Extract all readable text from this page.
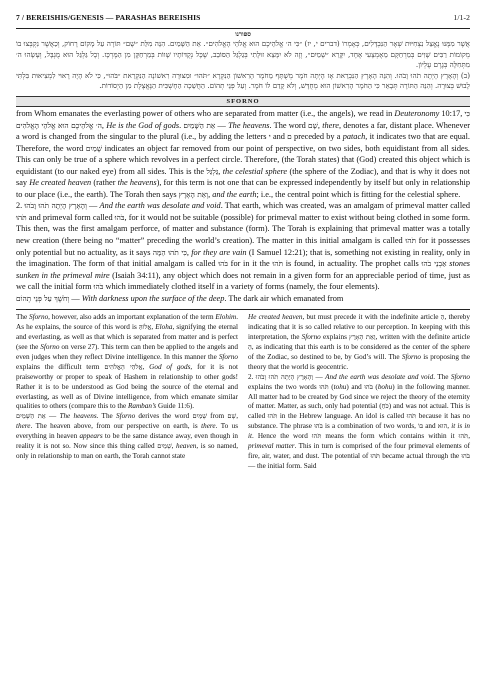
7 / BEREISHIS/GENESIS — PARASHAS BEREISHIS	1/1-2
ספורנו

אֲשֶׁר מִמֶּנּוּ נֶאֱצַל נִצְחִיּוּת שְׁאָר הַנִּבְדָּלִים, כְּאָמְרוֹ (דברים י, יז) ״כִּי ה׳ אֱלֹהֵיכֶם הוּא אֱלֹהֵי הָאֱלֹהִים״. אֵת הַשָּׁמַיִם. הִנֵּה מִלַּת ״שָׁם״ תּוֹרָה עַל מָקוֹם רָחוֹק, וְכַאֲשֶׁר נִקְבְּצוּ בוֹ מְקוֹמוֹת רַבִּים שָׁוִים בְּמַרְחַקָּם מֵאֶמְצָעִי אֶחָד, יִקָּרֵא ״שָׁמַיִם״, וְזֶה לֹא יִמָּצֵא זוּלָתִי בְּגַלְגַּל הַסּוֹבֵב, שֶׁכָּל נְקֻדּוֹתָיו שָׁווֹת בְּמַרְחַקָּן מִן הַמֶּרְכָּז. וְכָל גַּלְגַּל הוּא מֻגְבָּל, וְעָשָׂהוּ ה׳ מִתְּחִלָּה בְּגֶרֶם עֶלְיוֹן.

(ב) וְהָאָרֶץ הָיְתָה תֹהוּ וָבֹהוּ. וְהִנֵּה הָאָרֶץ הַנִּבְרֵאת אָז הָיְתָה חֹמֶר מְשֻׁתָּף מֵחֹמֶר הָרִאשׁוֹן הַנִּקְרָא ״תֹּהוּ״ וּמִצּוּרָה רִאשׁוֹנָה הַנִּקְרֵאת ״בֹּהוּ״, כִּי לֹא הָיָה רָאוּי לִמְצִיאוּת בִּלְתִּי לָבוּשׁ בְּצוּרָה. וְהִנֵּה הַתּוֹרָה תְּבָאֵר כִּי הַחֹמֶר הָרִאשׁוֹן הוּא מְחֻדָּשׁ, וְלֹא קָדַם לוֹ חֹמֶר. וְעַל פְּנֵי תְהוֹם. הַחֲשֵׁכָה הַחָשְׁכִּית הַנֶּאֱצֶלֶת מִן הַיְסוֹדוֹת.

SFORNO

from Whom emanates the everlasting power of others who are separated from matter (i.e., the angels), we read in Deuteronomy 10:17, כִּי ה׳ אֱלֹהֵיכֶם הוּא אֱלֹהֵי הָאֱלֹהִים, He is the God of gods. אֵת הַשָּׁמַיִם — The heavens. The word שָׁם, there, denotes a far, distant place. Whenever a word is changed from the singular to the plural (i.e., by adding the letters י and ם preceded by a patach, it indicates two that are equal. Therefore, the word שָׁמַיִם indicates an object far removed from our point of perspective, on two sides, both equidistant from all sides. This can only be true of a sphere which revolves in a perfect circle. Therefore, (the Torah states) that (God) created this object which is equidistant (to our naked eye) from all sides. This is the גַּלְגַּל, the celestial sphere (the sphere of the Zodiac), and that is why it does not say He created heaven (rather the heavens), for this term is not one that can be expressed independently by itself but only in relationship to our place (i.e., the earth). The Torah then says וְאֵת הָאָרֶץ, and the earth; i.e., the central point which is fitting for the celestial sphere.

2. וְהָאָרֶץ הָיְתָה תֹהוּ וָבֹהוּ — And the earth was desolate and void. That earth, which was created, was an amalgam of primeval matter called תֹּהוּ and primeval form called בֹּהוּ, for it would not be suitable (possible) for primeval matter to exist without being clothed in some form. This then, was the first amalgam perforce, of matter and substance (form). The Torah is explaining that primeval matter was a totally new creation (there being no “matter” preceding the world’s creation). The matter in this initial amalgam is called תֹּהוּ for it possesses only potential but no actuality, as it says כִּי תֹהוּ הֵמָּה, for they are vain (I Samuel 12:21); that is, something not existing in reality, only in the imagination. The form of that initial amalgam is called בֹּהוּ for in it the תֹּהוּ is found, in actuality. The prophet calls אַבְנֵי בֹהוּ stones sunken in the primeval mire (Isaiah 34:11), any object which does not remain in a given form for an appreciable period of time, just as we call the initial form בֹּהוּ which immediately clothed itself in a variety of forms (namely, the four elements).

וְחֹשֶׁךְ עַל פְּנֵי תְהוֹם — With darkness upon the surface of the deep. The dark air which emanated from

The Sforno, however, also adds an important explanation of the term Elohim. As he explains, the source of this word is אֱלוֹהַּ, Eloha, signifying the eternal and everlasting, as well as that which is separated from matter and is perfect (see the Sforno on verse 27). This term can then be applied to the angels and even judges when they reflect Divine intelligence. In this manner the Sforno explains the difficult term אֱלֹהֵי הָאֱלֹהִים, God of gods, for it is not praiseworthy or proper to speak of Hashem in relationship to other gods! Rather it is to be understood as God being the source of the eternal and everlasting, as well as of Divine intelligence, from which emanate similar qualities to others (compare this to the Ramban’s Guide 11:6).

אֵת הַשָּׁמַיִם — The heavens. The Sforno derives the word שָׁמַיִם from שָׁם, there. The heaven above, from our perspective on earth, is there. To us everything in heaven appears to be the same distance away, even though in reality it is not so. Now since this thing called שָׁמַיִם, heaven, is so named, only in relationship to man on earth, the Torah cannot state

He created heaven, but must precede it with the indefinite article הַ, thereby indicating that it is so called relative to our perception. In keeping with this interpretation, the Sforno explains וְאֵת הָאָרֶץ, written with the definite article הַ, as indicating that this earth is to be considered as the center of the sphere of the Zodiac, so destined to be, by God’s will. The Sforno is proposing the theory that the world is geocentric.

2. וְהָאָרֶץ הָיְתָה תֹהוּ וָבֹהוּ — And the earth was desolate and void. The Sforno explains the two words תֹּהוּ (tohu) and בֹּהוּ (bohu) in the following manner. All matter had to be created by God since we reject the theory of the eternity of matter. Matter, as such, only had potential (כֹּחַ) and was not actual. This is called תֹּהוּ in the Hebrew language. An idol is called תֹּהוּ because it has no substance. The phrase בֹּהוּ is a combination of two words, בּוֹ and הוּא, it is in it. Hence the word תֹּהוּ means the form which contains within it תֹּהוּ, primeval matter. This in turn is comprised of the four primeval elements of fire, air, water, and dust. The potential of תֹּהוּ became actual through the בֹּהוּ — the initial form. Said
